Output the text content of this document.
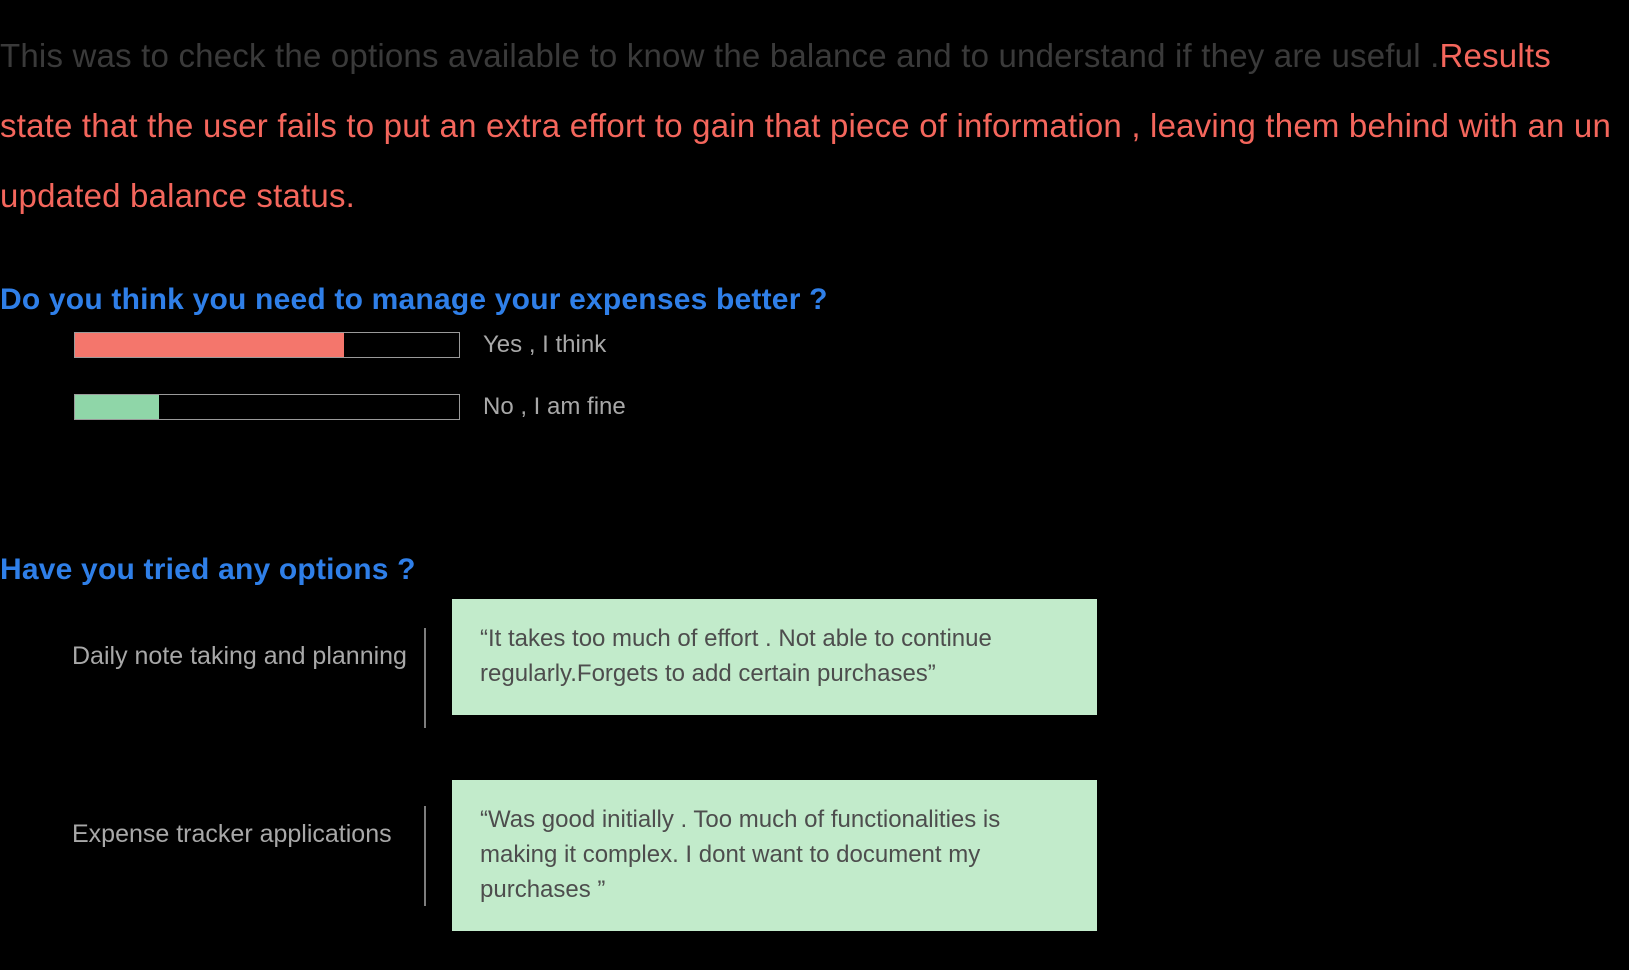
This was to check the options available to know the balance and to understand if they are useful .Results state that the user fails to put an extra effort to gain that piece of information , leaving them behind with an un updated balance status.

Do you think you need to manage your expenses better ?
Yes , I think
No , I am fine
Have you tried any options ?
Daily note taking and planning
“It takes too much of effort . Not able to continue regularly.Forgets to add certain purchases”
Expense tracker applications
“Was good initially . Too much of functionalities is making it complex. I dont want to document my purchases ”
